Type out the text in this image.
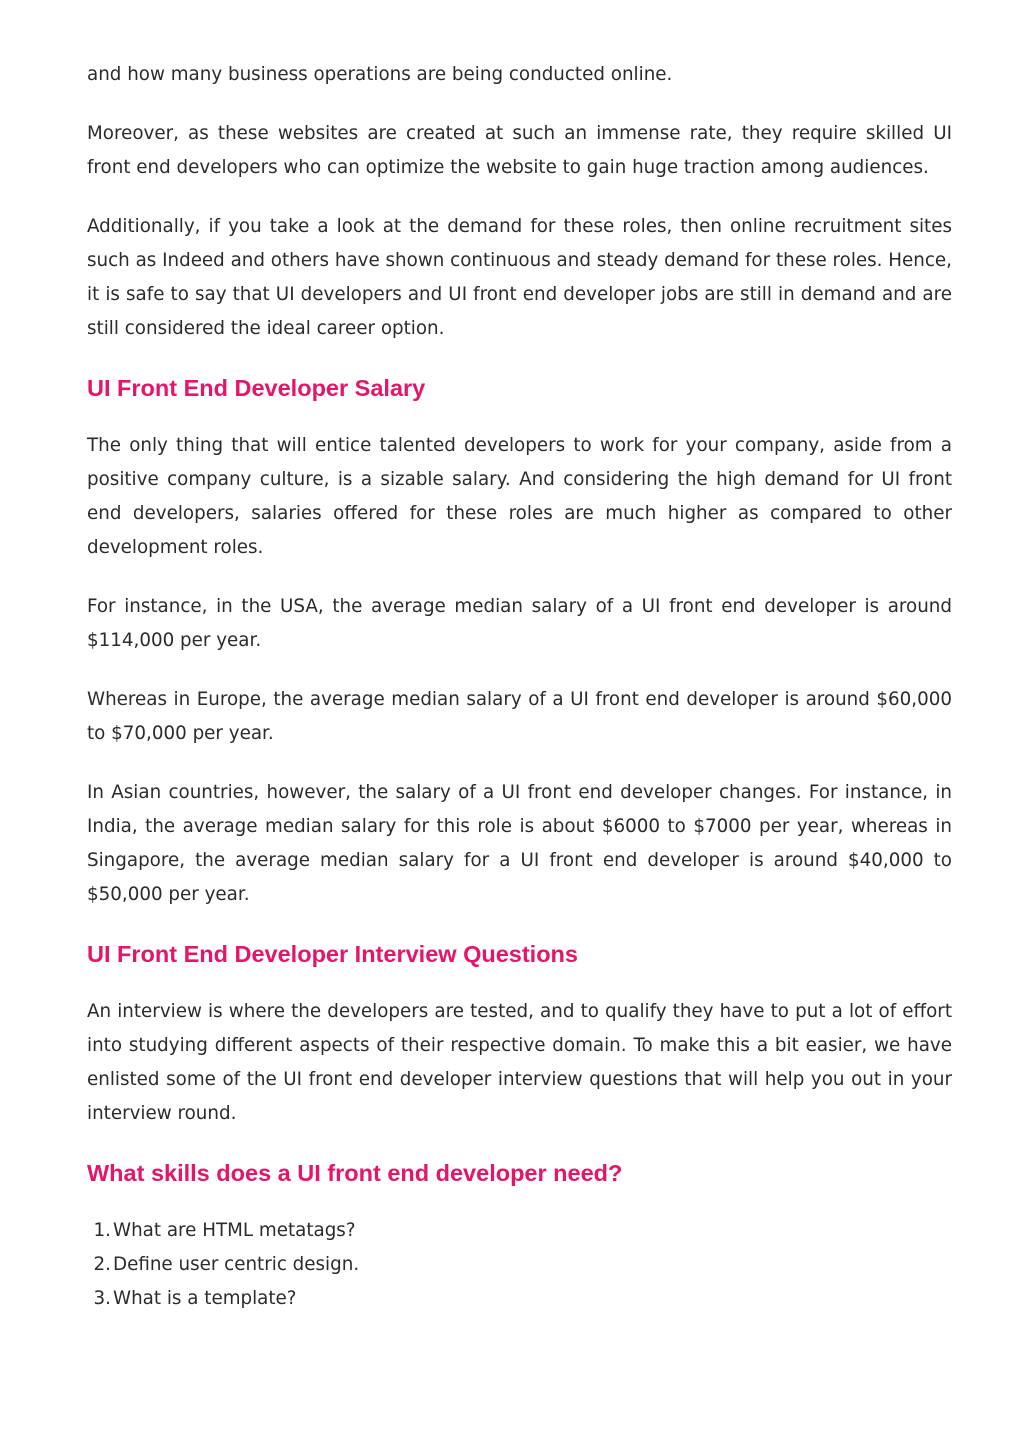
and how many business operations are being conducted online.

Moreover, as these websites are created at such an immense rate, they require skilled UI front end developers who can optimize the website to gain huge traction among audiences.

Additionally, if you take a look at the demand for these roles, then online recruitment sites such as Indeed and others have shown continuous and steady demand for these roles. Hence, it is safe to say that UI developers and UI front end developer jobs are still in demand and are still considered the ideal career option.

UI Front End Developer Salary

The only thing that will entice talented developers to work for your company, aside from a positive company culture, is a sizable salary. And considering the high demand for UI front end developers, salaries offered for these roles are much higher as compared to other development roles.

For instance, in the USA, the average median salary of a UI front end developer is around $114,000 per year.

Whereas in Europe, the average median salary of a UI front end developer is around $60,000 to $70,000 per year.

In Asian countries, however, the salary of a UI front end developer changes. For instance, in India, the average median salary for this role is about $6000 to $7000 per year, whereas in Singapore, the average median salary for a UI front end developer is around $40,000 to $50,000 per year.

UI Front End Developer Interview Questions

An interview is where the developers are tested, and to qualify they have to put a lot of effort into studying different aspects of their respective domain. To make this a bit easier, we have enlisted some of the UI front end developer interview questions that will help you out in your interview round.

What skills does a UI front end developer need?
1. What are HTML metatags?
2. Define user centric design.
3. What is a template?
